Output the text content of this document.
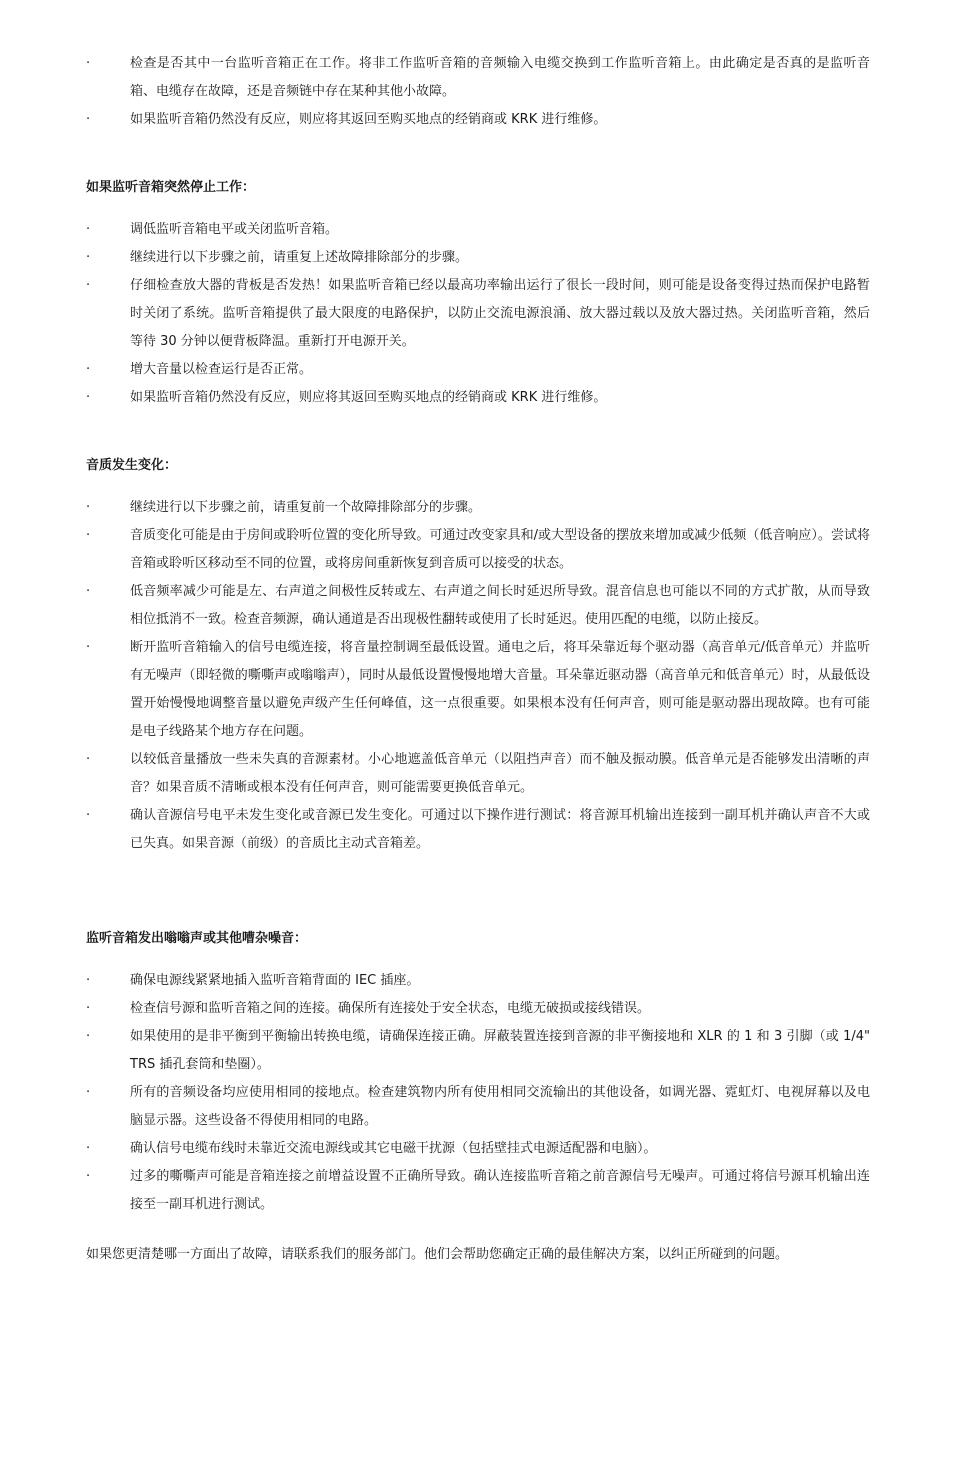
·	检查是否其中一台监听音箱正在工作。将非工作监听音箱的音频输入电缆交换到工作监听音箱上。由此确定是否真的是监听音箱、电缆存在故障，还是音频链中存在某种其他小故障。
·	如果监听音箱仍然没有反应，则应将其返回至购买地点的经销商或 KRK 进行维修。
如果监听音箱突然停止工作：
·	调低监听音箱电平或关闭监听音箱。
·	继续进行以下步骤之前，请重复上述故障排除部分的步骤。
·	仔细检查放大器的背板是否发热！如果监听音箱已经以最高功率输出运行了很长一段时间，则可能是设备变得过热而保护电路暂时关闭了系统。监听音箱提供了最大限度的电路保护，以防止交流电源浪涌、放大器过载以及放大器过热。关闭监听音箱，然后等待 30 分钟以便背板降温。重新打开电源开关。
·	增大音量以检查运行是否正常。
·	如果监听音箱仍然没有反应，则应将其返回至购买地点的经销商或 KRK 进行维修。
音质发生变化：
·	继续进行以下步骤之前，请重复前一个故障排除部分的步骤。
·	音质变化可能是由于房间或聆听位置的变化所导致。可通过改变家具和/或大型设备的摆放来增加或减少低频（低音响应）。尝试将音箱或聆听区移动至不同的位置，或将房间重新恢复到音质可以接受的状态。
·	低音频率减少可能是左、右声道之间极性反转或左、右声道之间长时延迟所导致。混音信息也可能以不同的方式扩散，从而导致相位抵消不一致。检查音频源，确认通道是否出现极性翻转或使用了长时延迟。使用匹配的电缆，以防止接反。
·	断开监听音箱输入的信号电缆连接，将音量控制调至最低设置。通电之后，将耳朵靠近每个驱动器（高音单元/低音单元）并监听有无噪声（即轻微的嘶嘶声或嗡嗡声），同时从最低设置慢慢地增大音量。耳朵靠近驱动器（高音单元和低音单元）时，从最低设置开始慢慢地调整音量以避免声级产生任何峰值，这一点很重要。如果根本没有任何声音，则可能是驱动器出现故障。也有可能是电子线路某个地方存在问题。
·	以较低音量播放一些未失真的音源素材。小心地遮盖低音单元（以阻挡声音）而不触及振动膜。低音单元是否能够发出清晰的声音？如果音质不清晰或根本没有任何声音，则可能需要更换低音单元。
·	确认音源信号电平未发生变化或音源已发生变化。可通过以下操作进行测试：将音源耳机输出连接到一副耳机并确认声音不大或已失真。如果音源（前级）的音质比主动式音箱差。
监听音箱发出嗡嗡声或其他嘈杂噪音：
·	确保电源线紧紧地插入监听音箱背面的 IEC 插座。
·	检查信号源和监听音箱之间的连接。确保所有连接处于安全状态，电缆无破损或接线错误。
·	如果使用的是非平衡到平衡输出转换电缆，请确保连接正确。屏蔽装置连接到音源的非平衡接地和 XLR 的 1 和 3 引脚（或 1/4" TRS 插孔套筒和垫圈）。
·	所有的音频设备均应使用相同的接地点。检查建筑物内所有使用相同交流输出的其他设备，如调光器、霓虹灯、电视屏幕以及电脑显示器。这些设备不得使用相同的电路。
·	确认信号电缆布线时未靠近交流电源线或其它电磁干扰源（包括壁挂式电源适配器和电脑）。
·	过多的嘶嘶声可能是音箱连接之前增益设置不正确所导致。确认连接监听音箱之前音源信号无噪声。可通过将信号源耳机输出连接至一副耳机进行测试。

如果您更清楚哪一方面出了故障，请联系我们的服务部门。他们会帮助您确定正确的最佳解决方案，以纠正所碰到的问题。
